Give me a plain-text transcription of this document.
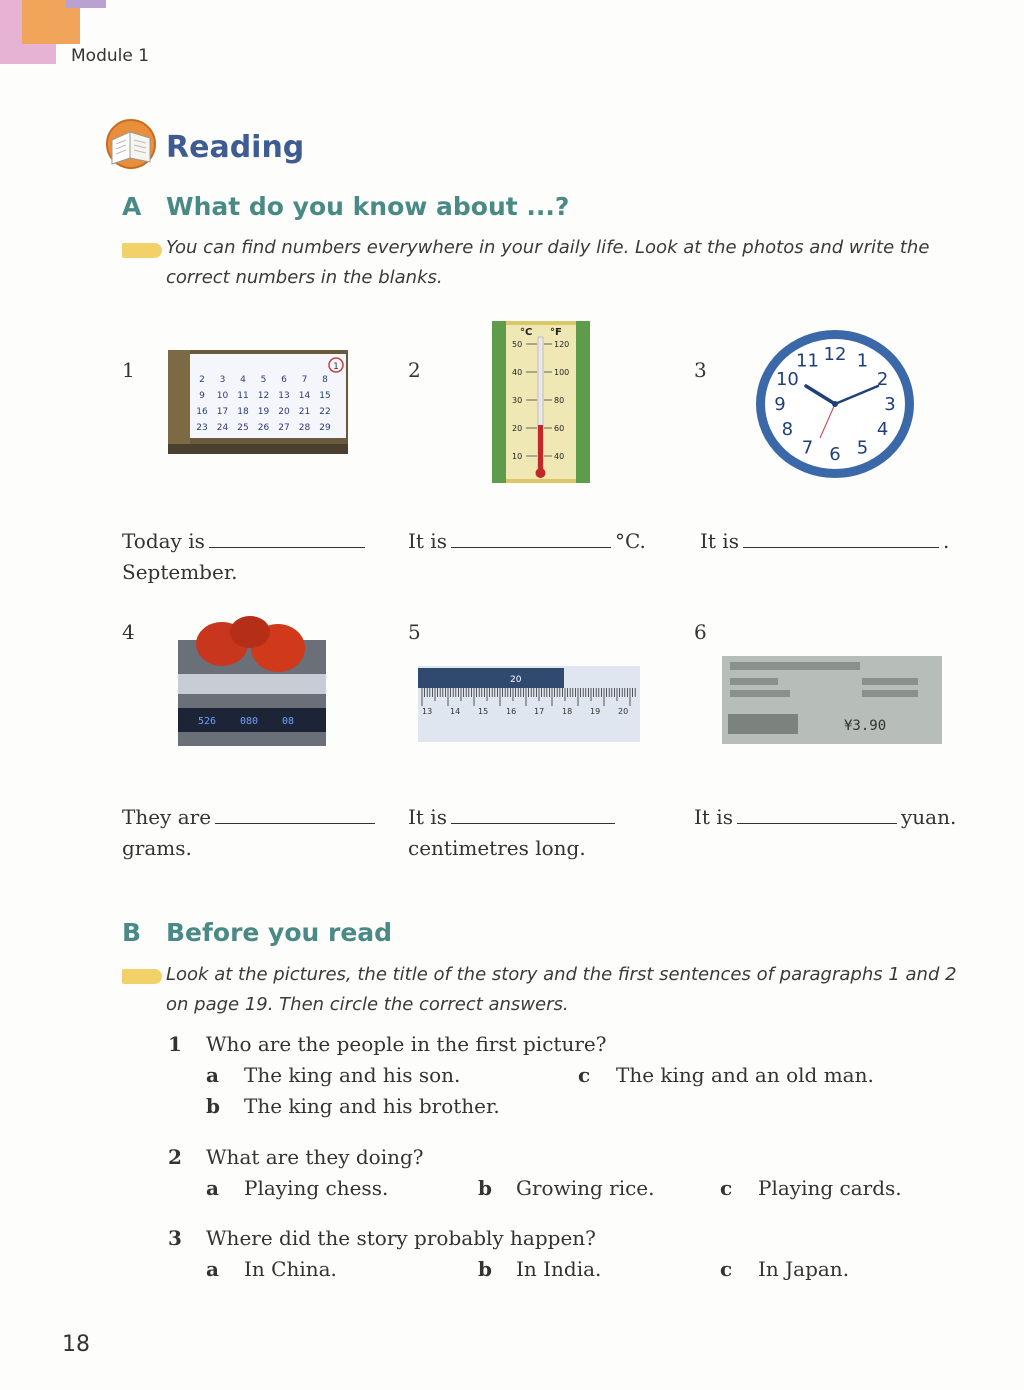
Module 1
Reading
A What do you know about ...?
You can find numbers everywhere in your daily life. Look at the photos and write the correct numbers in the blanks.
1	2	3
1
2 3 4 5 6 7 8
9 10 11 12 13 14 15
16 17 18 19 20 21 22
23 24 25 26 27 28 29
°C °F
50
40
30
20
10
120
100
80
60
40
12 1
2
3
4
5
6
7
8
9
10
11
Today is
September.
It is	°C.	It is	.
4	5	6
526 080 08
20
13 14 15 16 17 18 19 20
¥3.90
They are
grams.
It is
centimetres long.
It is	yuan.
B Before you read
Look at the pictures, the title of the story and the first sentences of paragraphs 1 and 2 on page 19. Then circle the correct answers.
1 Who are the people in the first picture?
a The king and his son.	c The king and an old man.
b The king and his brother.
2 What are they doing?
a Playing chess.	b Growing rice.	c Playing cards.
3 Where did the story probably happen?
a In China.	b In India.	c In Japan.
18
